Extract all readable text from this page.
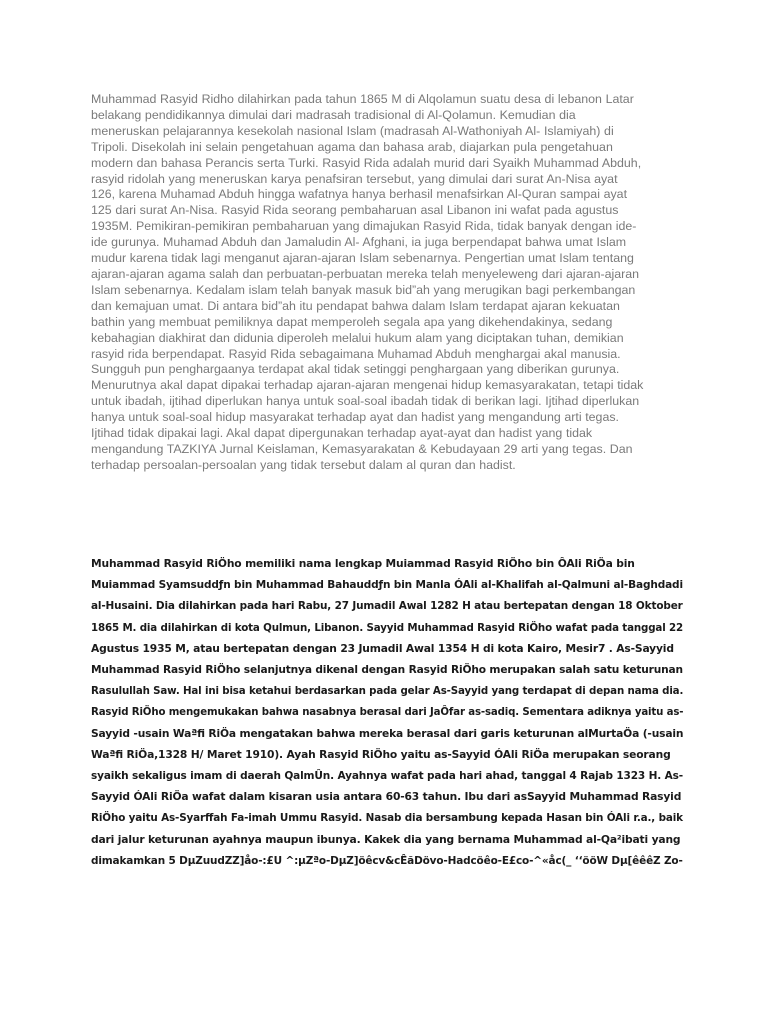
Muhammad Rasyid Ridho dilahirkan pada tahun 1865 M di Alqolamun suatu desa di lebanon Latar
belakang pendidikannya dimulai dari madrasah tradisional di Al-Qolamun. Kemudian dia
meneruskan pelajarannya kesekolah nasional Islam (madrasah Al-Wathoniyah Al- Islamiyah) di
Tripoli. Disekolah ini selain pengetahuan agama dan bahasa arab, diajarkan pula pengetahuan
modern dan bahasa Perancis serta Turki. Rasyid Rida adalah murid dari Syaikh Muhammad Abduh,
rasyid ridolah yang meneruskan karya penafsiran tersebut, yang dimulai dari surat An-Nisa ayat
126, karena Muhamad Abduh hingga wafatnya hanya berhasil menafsirkan Al-Quran sampai ayat
125 dari surat An-Nisa. Rasyid Rida seorang pembaharuan asal Libanon ini wafat pada agustus
1935M. Pemikiran-pemikiran pembaharuan yang dimajukan Rasyid Rida, tidak banyak dengan ide-
ide gurunya. Muhamad Abduh dan Jamaludin Al- Afghani, ia juga berpendapat bahwa umat Islam
mudur karena tidak lagi menganut ajaran-ajaran Islam sebenarnya. Pengertian umat Islam tentang
ajaran-ajaran agama salah dan perbuatan-perbuatan mereka telah menyeleweng dari ajaran-ajaran
Islam sebenarnya. Kedalam islam telah banyak masuk bid”ah yang merugikan bagi perkembangan
dan kemajuan umat. Di antara bid”ah itu pendapat bahwa dalam Islam terdapat ajaran kekuatan
bathin yang membuat pemiliknya dapat memperoleh segala apa yang dikehendakinya, sedang
kebahagian diakhirat dan didunia diperoleh melalui hukum alam yang diciptakan tuhan, demikian
rasyid rida berpendapat. Rasyid Rida sebagaimana Muhamad Abduh menghargai akal manusia.
Sungguh pun penghargaanya terdapat akal tidak setinggi penghargaan yang diberikan gurunya.
Menurutnya akal dapat dipakai terhadap ajaran-ajaran mengenai hidup kemasyarakatan, tetapi tidak
untuk ibadah, ijtihad diperlukan hanya untuk soal-soal ibadah tidak di berikan lagi. Ijtihad diperlukan
hanya untuk soal-soal hidup masyarakat terhadap ayat dan hadist yang mengandung arti tegas.
Ijtihad tidak dipakai lagi. Akal dapat dipergunakan terhadap ayat-ayat dan hadist yang tidak
mengandung TAZKIYA Jurnal Keislaman, Kemasyarakatan & Kebudayaan 29 arti yang tegas. Dan
terhadap persoalan-persoalan yang tidak tersebut dalam al quran dan hadist.
Muhammad Rasyid RiÖho memiliki nama lengkap Muiammad Rasyid RiÖho bin ÔAli RiÖa bin
Muiammad Syamsuddƒn bin Muhammad Bahauddƒn bin Manla ÓAli al-Khalifah al-Qalmuni al-Baghdadi
al-Husaini. Dia dilahirkan pada hari Rabu, 27 Jumadil Awal 1282 H atau bertepatan dengan 18 Oktober
1865 M. dia dilahirkan di kota Qulmun, Libanon. Sayyid Muhammad Rasyid RiÖho wafat pada tanggal 22
Agustus 1935 M, atau bertepatan dengan 23 Jumadil Awal 1354 H di kota Kairo, Mesir7 . As-Sayyid
Muhammad Rasyid RiÖho selanjutnya dikenal dengan Rasyid RiÖho merupakan salah satu keturunan
Rasulullah Saw. Hal ini bisa ketahui berdasarkan pada gelar As-Sayyid yang terdapat di depan nama dia.
Rasyid RiÖho mengemukakan bahwa nasabnya berasal dari JaÔfar as-sadiq. Sementara adiknya yaitu as-
Sayyid -usain Waªﬁ RiÖa mengatakan bahwa mereka berasal dari garis keturunan alMurtaÖa (-usain
Waªﬁ RiÖa,1328 H/ Maret 1910). Ayah Rasyid RiÖho yaitu as-Sayyid ÓAli RiÖa merupakan seorang
syaikh sekaligus imam di daerah QalmÛn. Ayahnya wafat pada hari ahad, tanggal 4 Rajab 1323 H. As-
Sayyid ÓAli RiÖa wafat dalam kisaran usia antara 60-63 tahun. Ibu dari asSayyid Muhammad Rasyid
RiÖho yaitu As-Syarﬀah Fa-imah Ummu Rasyid. Nasab dia bersambung kepada Hasan bin ÓAli r.a., baik
dari jalur keturunan ayahnya maupun ibunya. Kakek dia yang bernama Muhammad al-Qa²ibati yang
dimakamkan 5 DµZuudZZ]åo-:£U ^:µZªo-DµZ]öêcv&cÊãDövo-Hadcöêo-E£co-^«åc(_ ‘‘ööW Dµ[êêêZ Zo-
